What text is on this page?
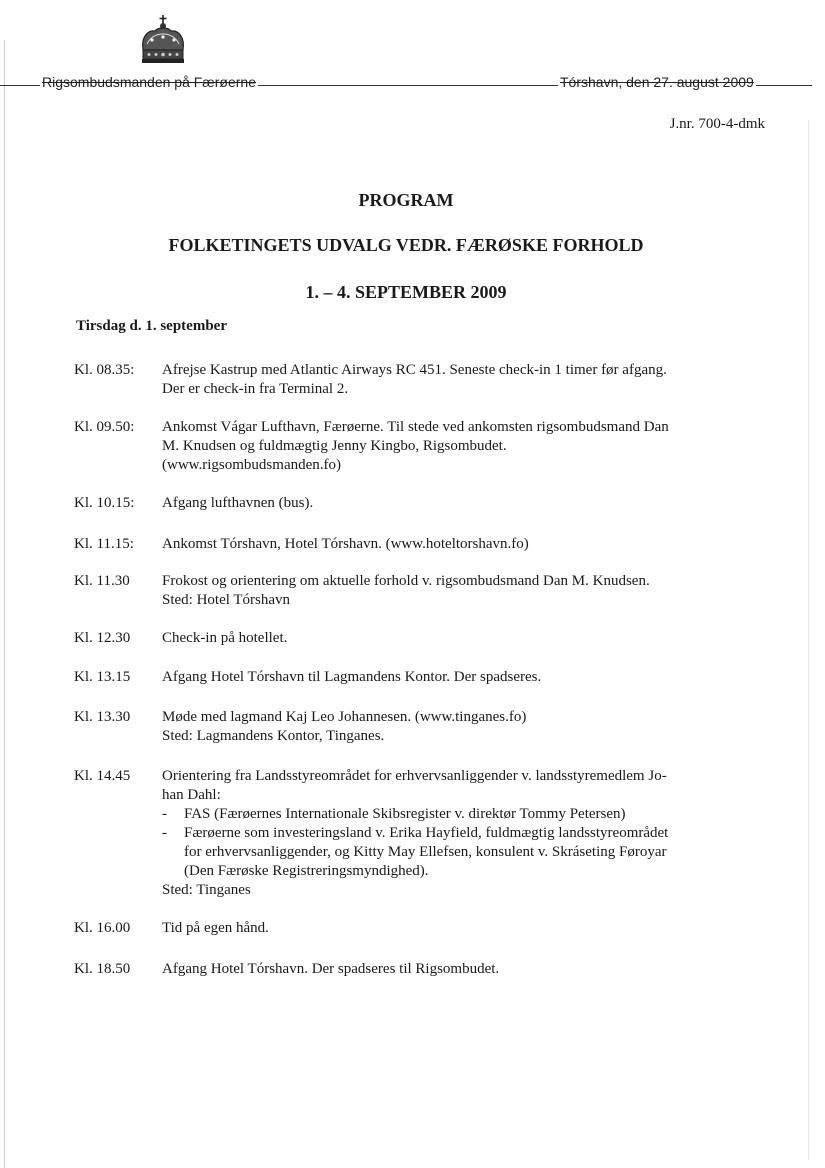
Rigsombudsmanden på Færøerne	Tórshavn, den 27. august 2009
J.nr. 700-4-dmk
PROGRAM
FOLKETINGETS UDVALG VEDR. FÆRØSKE FORHOLD
1. – 4. SEPTEMBER 2009
Tirsdag d. 1. september
Kl. 08.35: Afrejse Kastrup med Atlantic Airways RC 451. Seneste check-in 1 timer før afgang.
Der er check-in fra Terminal 2.
Kl. 09.50: Ankomst Vágar Lufthavn, Færøerne. Til stede ved ankomsten rigsombudsmand Dan
M. Knudsen og fuldmægtig Jenny Kingbo, Rigsombudet.
(www.rigsombudsmanden.fo)
Kl. 10.15: Afgang lufthavnen (bus).
Kl. 11.15: Ankomst Tórshavn, Hotel Tórshavn. (www.hoteltorshavn.fo)
Kl. 11.30 Frokost og orientering om aktuelle forhold v. rigsombudsmand Dan M. Knudsen.
Sted: Hotel Tórshavn
Kl. 12.30 Check-in på hotellet.
Kl. 13.15 Afgang Hotel Tórshavn til Lagmandens Kontor. Der spadseres.
Kl. 13.30 Møde med lagmand Kaj Leo Johannesen. (www.tinganes.fo)
Sted: Lagmandens Kontor, Tinganes.
Kl. 14.45 Orientering fra Landsstyreområdet for erhvervsanliggender v. landsstyremedlem Jo-
han Dahl:
- FAS (Færøernes Internationale Skibsregister v. direktør Tommy Petersen)
- Færøerne som investeringsland v. Erika Hayfield, fuldmægtig landsstyreområdet
for erhvervsanliggender, og Kitty May Ellefsen, konsulent v. Skráseting Føroyar
(Den Færøske Registreringsmyndighed).
Sted: Tinganes
Kl. 16.00 Tid på egen hånd.
Kl. 18.50 Afgang Hotel Tórshavn. Der spadseres til Rigsombudet.
